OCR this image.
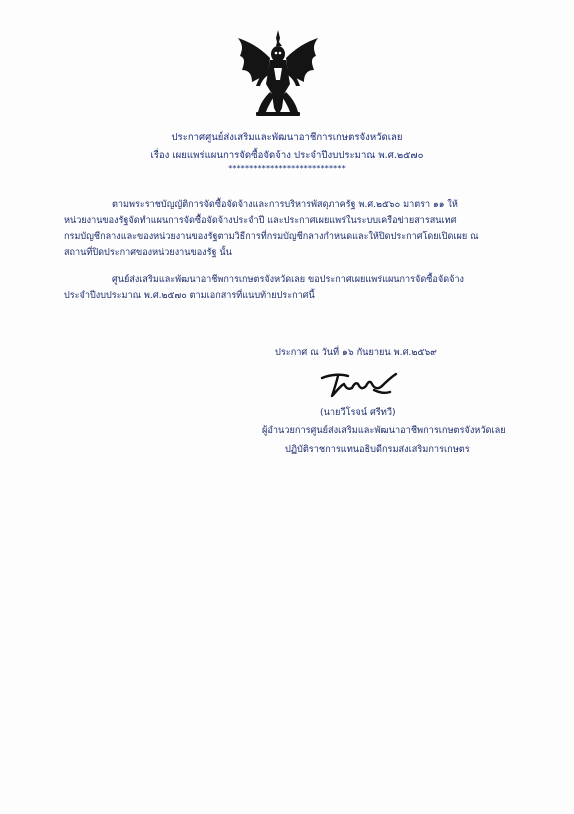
ประกาศศูนย์ส่งเสริมและพัฒนาอาชีการเกษตรจังหวัดเลย
เรื่อง เผยแพร่แผนการจัดซื้อจัดจ้าง ประจำปีงบประมาณ พ.ศ.๒๕๗๐
****************************
ตามพระราชบัญญัติการจัดซื้อจัดจ้างและการบริหารพัสดุภาครัฐ พ.ศ.๒๕๖๐ มาตรา ๑๑ ให้
หน่วยงานของรัฐจัดทำแผนการจัดซื้อจัดจ้างประจำปี และประกาศเผยแพร่ในระบบเครือข่ายสารสนเทศ
กรมบัญชีกลางและของหน่วยงานของรัฐตามวิธีการที่กรมบัญชีกลางกำหนดและให้ปิดประกาศโดยเปิดเผย ณ
สถานที่ปิดประกาศของหน่วยงานของรัฐ นั้น
ศูนย์ส่งเสริมและพัฒนาอาชีพการเกษตรจังหวัดเลย ขอประกาศเผยแพร่แผนการจัดซื้อจัดจ้าง
ประจำปีงบประมาณ พ.ศ.๒๕๗๐ ตามเอกสารที่แนบท้ายประกาศนี้
ประกาศ ณ วันที่ ๑๖ กันยายน พ.ศ.๒๕๖๙
(นายวีโรจน์ ศรีทวี)
ผู้อำนวยการศูนย์ส่งเสริมและพัฒนาอาชีพการเกษตรจังหวัดเลย
ปฏิบัติราชการแทนอธิบดีกรมส่งเสริมการเกษตร
